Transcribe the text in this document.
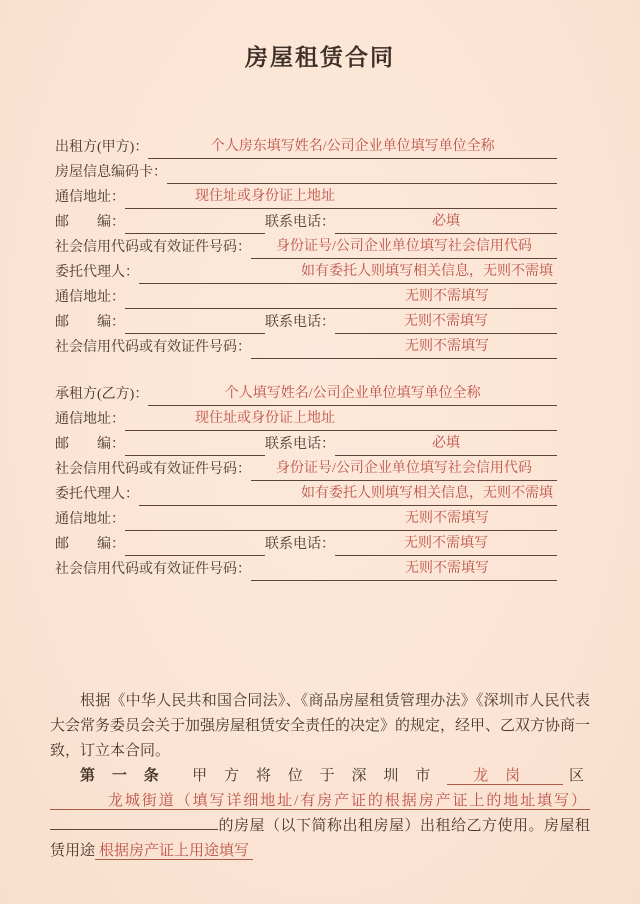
房屋租赁合同
出租方(甲方)：	个人房东填写姓名/公司企业单位填写单位全称
房屋信息编码卡：
通信地址：	现住址或身份证上地址
邮　　编：	联系电话：	必填
社会信用代码或有效证件号码： 身份证号/公司企业单位填写社会信用代码
委托代理人：	如有委托人则填写相关信息，无则不需填
通信地址：	无则不需填写
邮　　编：	联系电话：	无则不需填写
社会信用代码或有效证件号码：	无则不需填写
承租方(乙方)：	个人填写姓名/公司企业单位填写单位全称
通信地址：	现住址或身份证上地址
邮　　编：	联系电话：	必填
社会信用代码或有效证件号码： 身份证号/公司企业单位填写社会信用代码
委托代理人：	如有委托人则填写相关信息，无则不需填
通信地址：	无则不需填写
邮　　编：	联系电话：	无则不需填写
社会信用代码或有效证件号码：	无则不需填写

根据《中华人民共和国合同法》、《商品房屋租赁管理办法》《深圳市人民代表大会常务委员会关于加强房屋租赁安全责任的决定》的规定，经甲、乙双方协商一致，订立本合同。

第一条 甲方将位于深圳市 龙岗 区龙城街道（填写详细地址/有房产证的根据房产证上的地址填写）的房屋（以下简称出租房屋）出租给乙方使用。房屋租赁用途 根据房产证上用途填写
